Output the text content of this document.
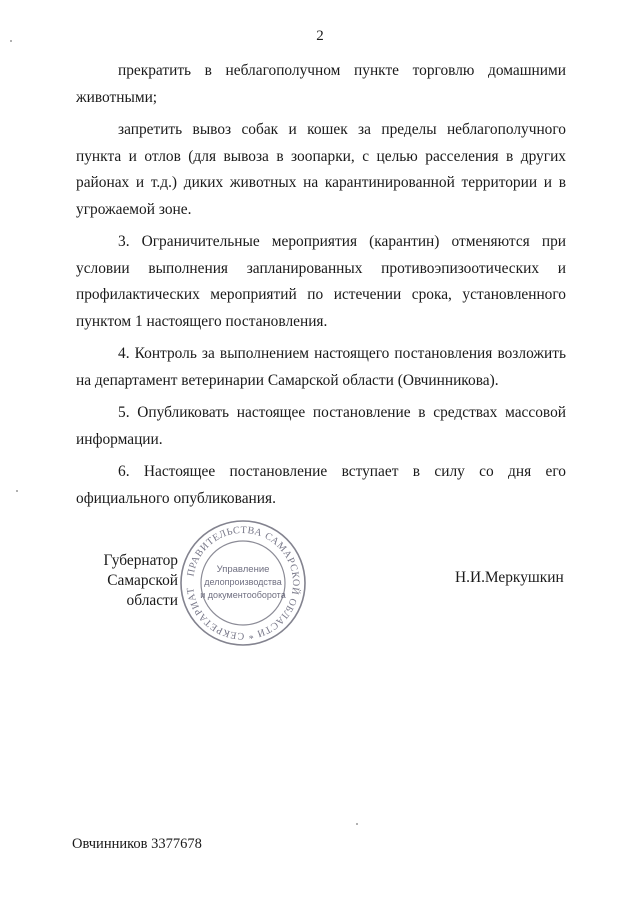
2

прекратить в неблагополучном пункте торговлю домашними животными;

запретить вывоз собак и кошек за пределы неблагополучного пункта и отлов (для вывоза в зоопарки, с целью расселения в других районах и т.д.) диких животных на карантинированной территории и в угрожаемой зоне.

3. Ограничительные мероприятия (карантин) отменяются при условии выполнения запланированных противоэпизоотических и профилактических мероприятий по истечении срока, установленного пунктом 1 настоящего постановления.

4. Контроль за выполнением настоящего постановления возложить на департамент ветеринарии Самарской области (Овчинникова).

5. Опубликовать настоящее постановление в средствах массовой информации.

6. Настоящее постановление вступает в силу со дня его официального опубликования.

Губернатор
Самарской области
ПРАВИТЕЛЬСТВА САМАРСКОЙ ОБЛАСТИ * СЕКРЕТАРИАТ
Управление
делопроизводства
и документооборота
Н.И.Меркушкин
Овчинников 3377678
